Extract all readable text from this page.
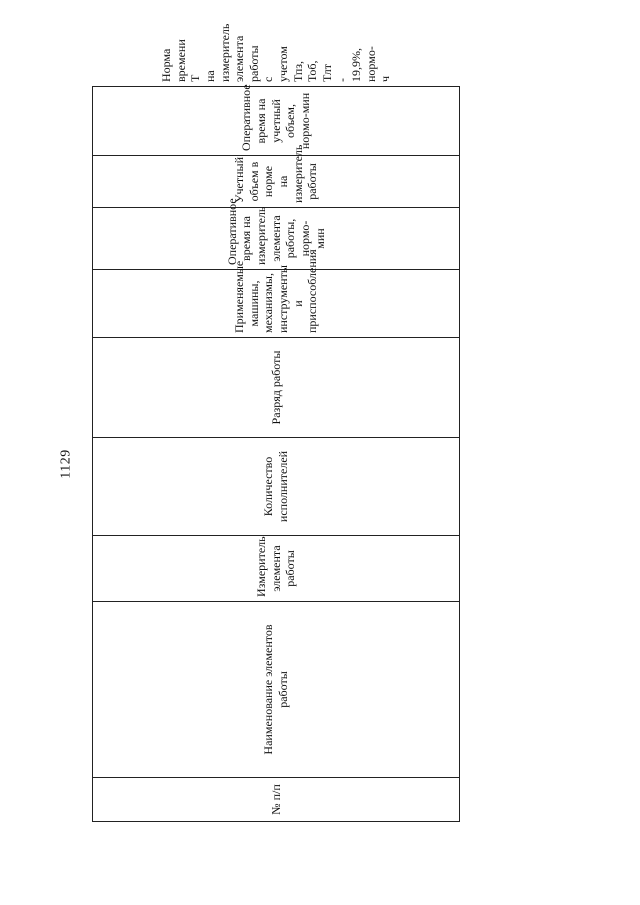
1129
№ п/п	Наименование элементов работы	Измеритель элемента работы	Количество исполнителей	Разряд работы	Применяемые машины, механизмы, инструменты и приспособления	Оперативное время на измеритель элемента работы, нормо-мин	Учетный объем в норме на измеритель работы	Оперативное время на учетный объем, нормо-мин	Норма времени Т на измеритель элемента работы с учетом Тпз, Тоб, Тлт - 19,9%, нормо-ч
